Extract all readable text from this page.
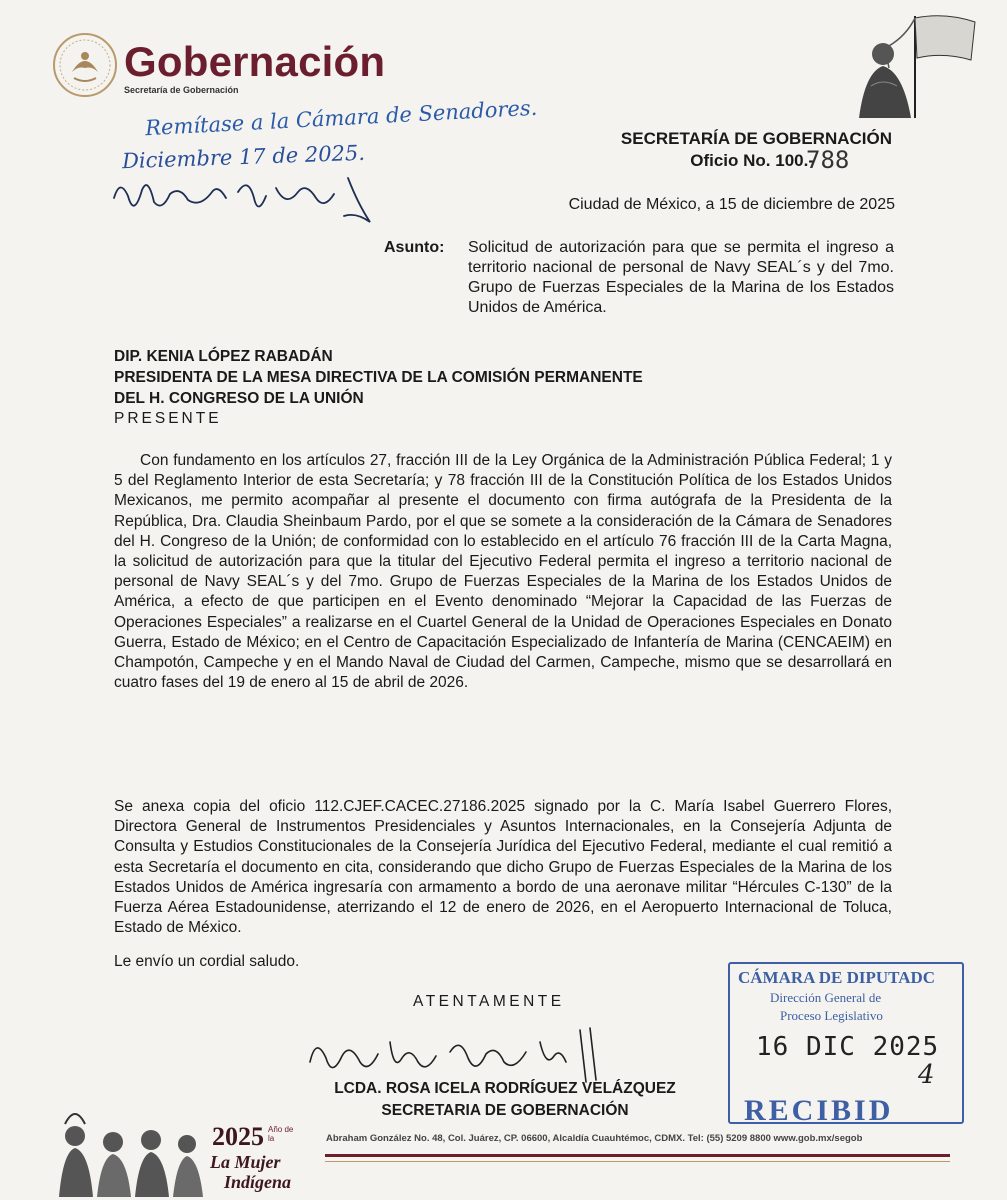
Gobernación
Secretaría de Gobernación
Remítase a la Cámara de Senadores.
Diciembre 17 de 2025.
SECRETARÍA DE GOBERNACIÓN
Oficio No. 100.-
788
Ciudad de México, a 15 de diciembre de 2025
Asunto: Solicitud de autorización para que se permita el ingreso a territorio nacional de personal de Navy SEAL´s y del 7mo. Grupo de Fuerzas Especiales de la Marina de los Estados Unidos de América.
DIP. KENIA LÓPEZ RABADÁN
PRESIDENTA DE LA MESA DIRECTIVA DE LA COMISIÓN PERMANENTE
DEL H. CONGRESO DE LA UNIÓN
PRESENTE
Con fundamento en los artículos 27, fracción III de la Ley Orgánica de la Administración Pública Federal; 1 y 5 del Reglamento Interior de esta Secretaría; y 78 fracción III de la Constitución Política de los Estados Unidos Mexicanos, me permito acompañar al presente el documento con firma autógrafa de la Presidenta de la República, Dra. Claudia Sheinbaum Pardo, por el que se somete a la consideración de la Cámara de Senadores del H. Congreso de la Unión; de conformidad con lo establecido en el artículo 76 fracción III de la Carta Magna, la solicitud de autorización para que la titular del Ejecutivo Federal permita el ingreso a territorio nacional de personal de Navy SEAL´s y del 7mo. Grupo de Fuerzas Especiales de la Marina de los Estados Unidos de América, a efecto de que participen en el Evento denominado “Mejorar la Capacidad de las Fuerzas de Operaciones Especiales” a realizarse en el Cuartel General de la Unidad de Operaciones Especiales en Donato Guerra, Estado de México; en el Centro de Capacitación Especializado de Infantería de Marina (CENCAEIM) en Champotón, Campeche y en el Mando Naval de Ciudad del Carmen, Campeche, mismo que se desarrollará en cuatro fases del 19 de enero al 15 de abril de 2026.
Se anexa copia del oficio 112.CJEF.CACEC.27186.2025 signado por la C. María Isabel Guerrero Flores, Directora General de Instrumentos Presidenciales y Asuntos Internacionales, en la Consejería Adjunta de Consulta y Estudios Constitucionales de la Consejería Jurídica del Ejecutivo Federal, mediante el cual remitió a esta Secretaría el documento en cita, considerando que dicho Grupo de Fuerzas Especiales de la Marina de los Estados Unidos de América ingresaría con armamento a bordo de una aeronave militar “Hércules C-130” de la Fuerza Aérea Estadounidense, aterrizando el 12 de enero de 2026, en el Aeropuerto Internacional de Toluca, Estado de México.
Le envío un cordial saludo.
ATENTAMENTE
LCDA. ROSA ICELA RODRÍGUEZ VELÁZQUEZ
SECRETARIA DE GOBERNACIÓN
CÁMARA DE DIPUTADC
Dirección General de
Proceso Legislativo
16 DIC 2025
4
RECIBID
2025 Año de
la
La Mujer
Indígena
Abraham González No. 48, Col. Juárez, CP. 06600, Alcaldía Cuauhtémoc, CDMX. Tel: (55) 5209 8800 www.gob.mx/segob
